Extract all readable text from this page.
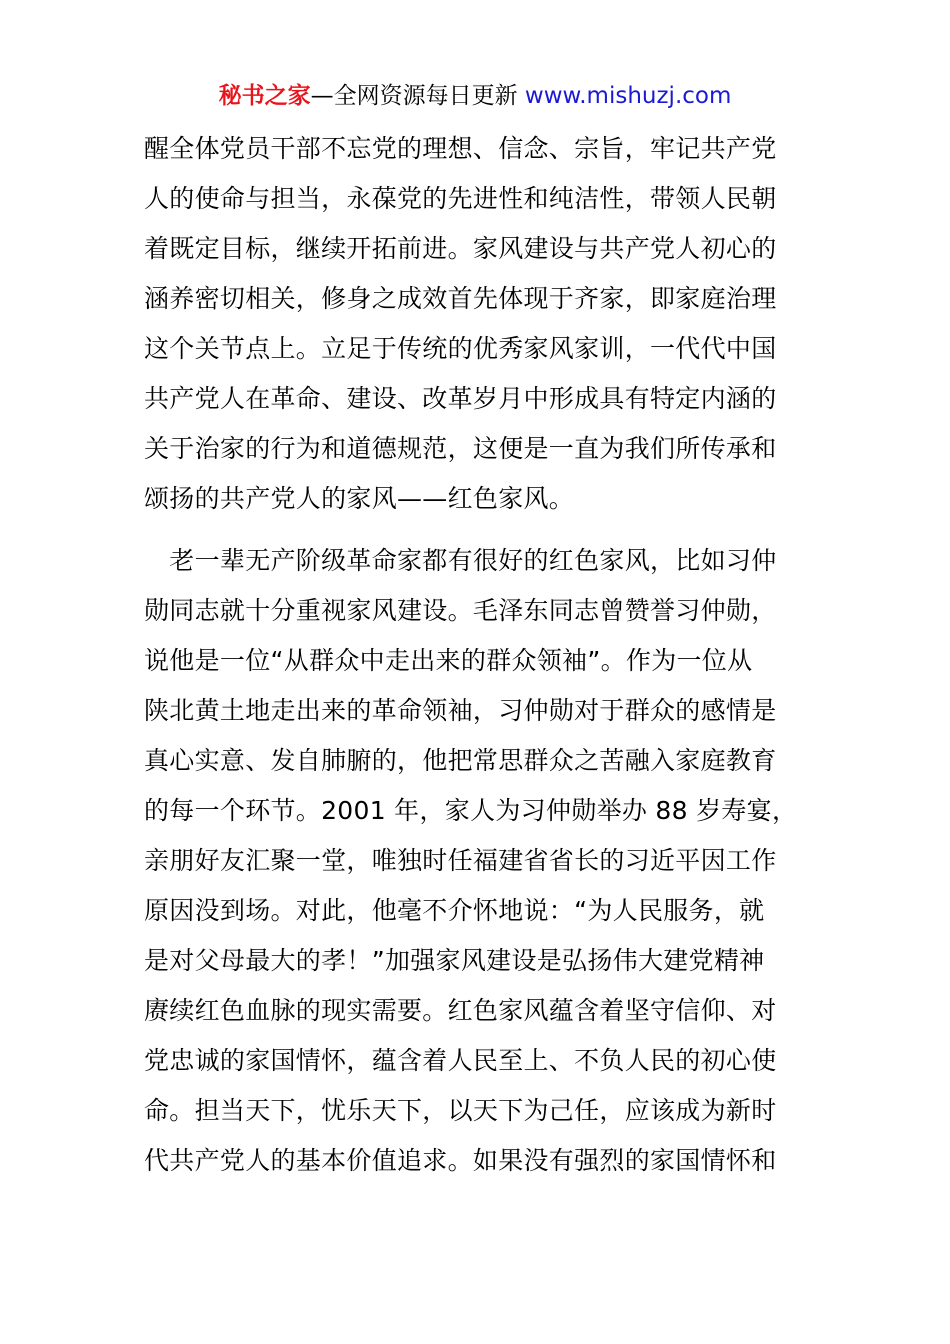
秘书之家—全网资源每日更新 www.mishuzj.com

醒全体党员干部不忘党的理想、信念、宗旨，牢记共产党
人的使命与担当，永葆党的先进性和纯洁性，带领人民朝
着既定目标，继续开拓前进。家风建设与共产党人初心的
涵养密切相关，修身之成效首先体现于齐家，即家庭治理
这个关节点上。立足于传统的优秀家风家训，一代代中国
共产党人在革命、建设、改革岁月中形成具有特定内涵的
关于治家的行为和道德规范，这便是一直为我们所传承和
颂扬的共产党人的家风——红色家风。

　老一辈无产阶级革命家都有很好的红色家风，比如习仲
勋同志就十分重视家风建设。毛泽东同志曾赞誉习仲勋，
说他是一位“从群众中走出来的群众领袖”。作为一位从
陕北黄土地走出来的革命领袖，习仲勋对于群众的感情是
真心实意、发自肺腑的，他把常思群众之苦融入家庭教育
的每一个环节。2001 年，家人为习仲勋举办 88 岁寿宴，
亲朋好友汇聚一堂，唯独时任福建省省长的习近平因工作
原因没到场。对此，他毫不介怀地说：“为人民服务，就
是对父母最大的孝！”加强家风建设是弘扬伟大建党精神
赓续红色血脉的现实需要。红色家风蕴含着坚守信仰、对
党忠诚的家国情怀，蕴含着人民至上、不负人民的初心使
命。担当天下，忧乐天下，以天下为己任，应该成为新时
代共产党人的基本价值追求。如果没有强烈的家国情怀和
